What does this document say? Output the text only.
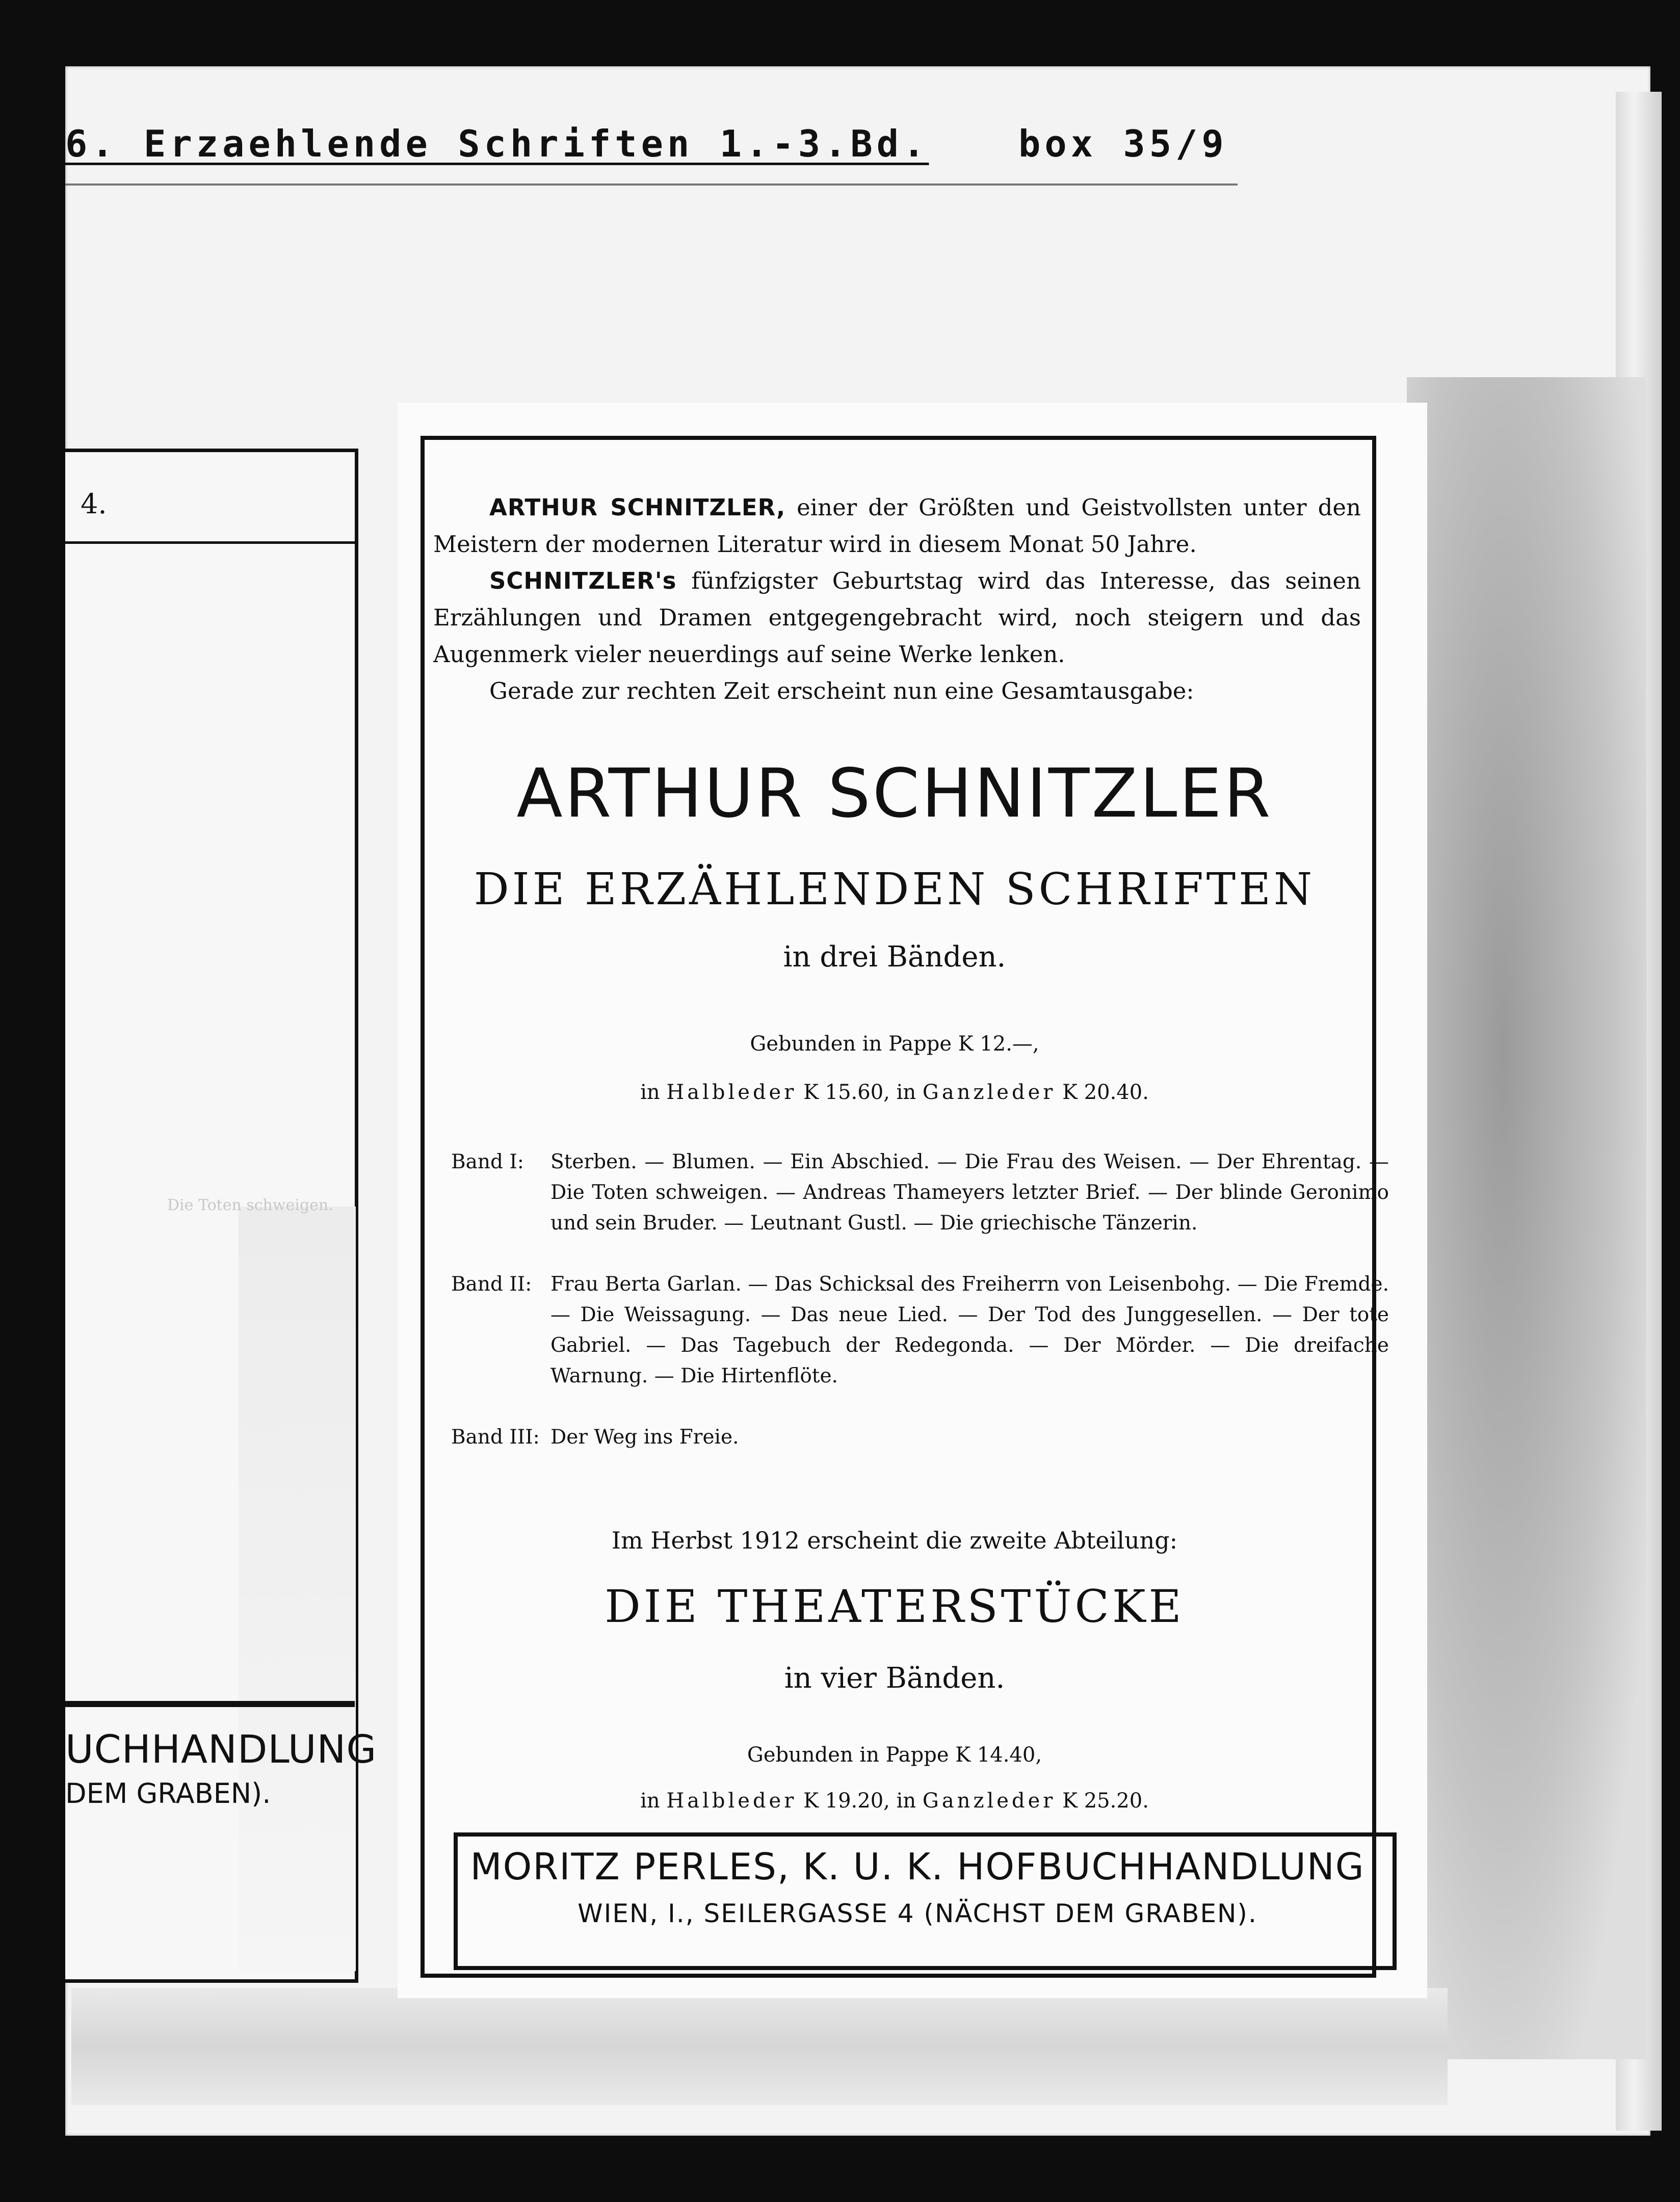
6. Erzaehlende Schriften 1.-3.Bd. box 35/9
4.
Die Toten schweigen.
UCHHANDLUNG
DEM GRABEN).

ARTHUR SCHNITZLER, einer der Größten und Geistvollsten unter den Meistern der modernen Literatur wird in diesem Monat 50 Jahre.

SCHNITZLER's fünfzigster Geburtstag wird das Interesse, das seinen Erzählungen und Dramen entgegengebracht wird, noch steigern und das Augenmerk vieler neuerdings auf seine Werke lenken.

Gerade zur rechten Zeit erscheint nun eine Gesamtausgabe:

ARTHUR SCHNITZLER
DIE ERZÄHLENDEN SCHRIFTEN
in drei Bänden.
Gebunden in Pappe K 12.—,
in Halbleder K 15.60, in Ganzleder K 20.40.
Band I:	Sterben. — Blumen. — Ein Abschied. — Die Frau des Weisen. — Der Ehrentag. — Die Toten schweigen. — Andreas Thameyers letzter Brief. — Der blinde Geronimo und sein Bruder. — Leutnant Gustl. — Die griechische Tänzerin.
Band II: Frau Berta Garlan. — Das Schicksal des Freiherrn von Leisenbohg. — Die Fremde. — Die Weissagung. — Das neue Lied. — Der Tod des Junggesellen. — Der tote Gabriel. — Das Tagebuch der Redegonda. — Der Mörder. — Die dreifache Warnung. — Die Hirtenflöte.
Band III: Der Weg ins Freie.
Im Herbst 1912 erscheint die zweite Abteilung:
DIE THEATERSTÜCKE
in vier Bänden.
Gebunden in Pappe K 14.40,
in Halbleder K 19.20, in Ganzleder K 25.20.
MORITZ PERLES, K. U. K. HOFBUCHHANDLUNG
WIEN, I., SEILERGASSE 4 (NÄCHST DEM GRABEN).
